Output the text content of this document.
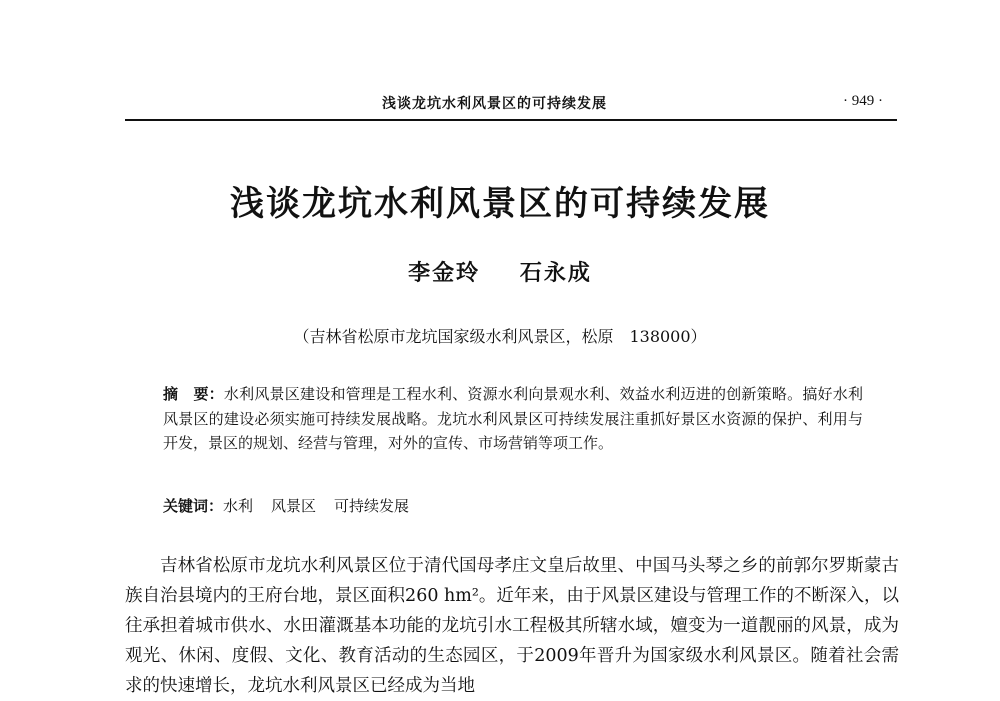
浅谈龙坑水利风景区的可持续发展	· 949 ·
浅谈龙坑水利风景区的可持续发展
李金玲 石永成
（吉林省松原市龙坑国家级水利风景区，松原　138000）
摘　要：水利风景区建设和管理是工程水利、资源水利向景观水利、效益水利迈进的创新策略。搞好水利风景区的建设必须实施可持续发展战略。龙坑水利风景区可持续发展注重抓好景区水资源的保护、利用与开发，景区的规划、经营与管理，对外的宣传、市场营销等项工作。
关键词：水利 风景区 可持续发展

吉林省松原市龙坑水利风景区位于清代国母孝庄文皇后故里、中国马头琴之乡的前郭尔罗斯蒙古族自治县境内的王府台地，景区面积260 hm²。近年来，由于风景区建设与管理工作的不断深入，以往承担着城市供水、水田灌溉基本功能的龙坑引水工程极其所辖水域，嬗变为一道靓丽的风景，成为观光、休闲、度假、文化、教育活动的生态园区，于2009年晋升为国家级水利风景区。随着社会需求的快速增长，龙坑水利风景区已经成为当地
